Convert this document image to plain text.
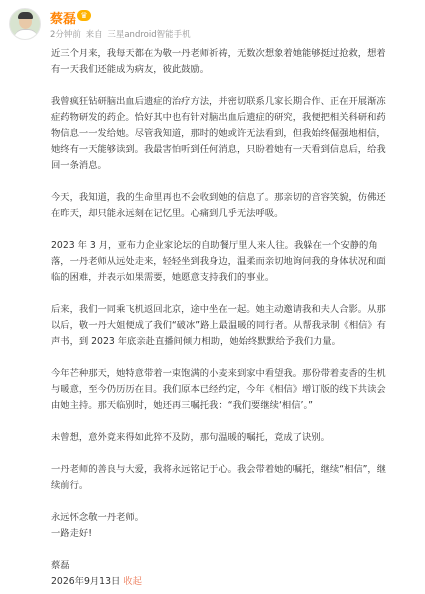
蔡磊 ♛
2分钟前 来自 三星android智能手机

近三个月来，我每天都在为敬一丹老师祈祷，无数次想象着她能够挺过抢救，想着

有一天我们还能成为病友，彼此鼓励。

我曾疯狂钻研脑出血后遗症的治疗方法，并密切联系几家长期合作、正在开展渐冻

症药物研发的药企。恰好其中也有针对脑出血后遗症的研究，我便把相关科研和药

物信息一一发给她。尽管我知道，那时的她或许无法看到，但我始终倔强地相信，

她终有一天能够读到。我最害怕听到任何消息，只盼着她有一天看到信息后，给我

回一条消息。

今天，我知道，我的生命里再也不会收到她的信息了。那亲切的音容笑貌，仿佛还

在昨天，却只能永远刻在记忆里。心痛到几乎无法呼吸。

2023 年 3 月，亚布力企业家论坛的自助餐厅里人来人往。我躲在一个安静的角

落，一丹老师从远处走来，轻轻坐到我身边，温柔而亲切地询问我的身体状况和面

临的困难，并表示如果需要，她愿意支持我们的事业。

后来，我们一同乘飞机返回北京，途中坐在一起。她主动邀请我和夫人合影。从那

以后，敬一丹大姐便成了我们“破冰”路上最温暖的同行者。从帮我录制《相信》有

声书，到 2023 年底亲赴直播间倾力相助，她始终默默给予我们力量。

今年芒种那天，她特意带着一束饱满的小麦来到家中看望我。那份带着麦香的生机

与暖意，至今仍历历在目。我们原本已经约定，今年《相信》增订版的线下共读会

由她主持。那天临别时，她还再三嘱托我：“我们要继续‘相信’。”

未曾想，意外竟来得如此猝不及防，那句温暖的嘱托，竟成了诀别。

一丹老师的善良与大爱，我将永远铭记于心。我会带着她的嘱托，继续“相信”，继

续前行。

永远怀念敬一丹老师。

一路走好!

蔡磊

2026年9月13日 收起
